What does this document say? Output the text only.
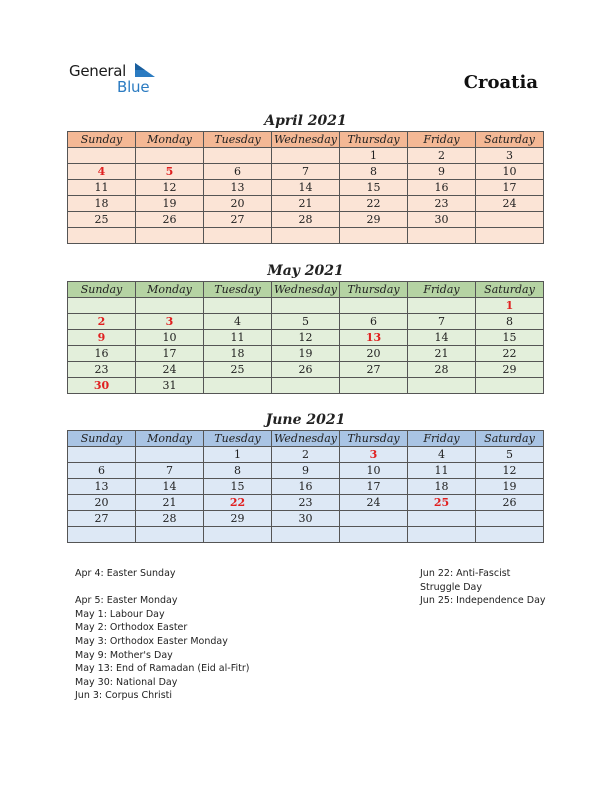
General
Blue	Croatia
April 2021
Sunday	Monday	Tuesday	Wednesday	Thursday	Friday	Saturday
				1	2	3
4	5	6	7	8	9	10
11	12	13	14	15	16	17
18	19	20	21	22	23	24
25	26	27	28	29	30	

May 2021
Sunday	Monday	Tuesday	Wednesday	Thursday	Friday	Saturday
						1
2	3	4	5	6	7	8
9	10	11	12	13	14	15
16	17	18	19	20	21	22
23	24	25	26	27	28	29
30	31					
June 2021
Sunday	Monday	Tuesday	Wednesday	Thursday	Friday	Saturday
		1	2	3	4	5
6	7	8	9	10	11	12
13	14	15	16	17	18	19
20	21	22	23	24	25	26
27	28	29	30			

Apr 4: Easter Sunday
Apr 5: Easter Monday
May 1: Labour Day
May 2: Orthodox Easter
May 3: Orthodox Easter Monday
May 9: Mother's Day
May 13: End of Ramadan (Eid al-Fitr)
May 30: National Day
Jun 3: Corpus Christi
Jun 22: Anti-Fascist
Struggle Day
Jun 25: Independence Day
